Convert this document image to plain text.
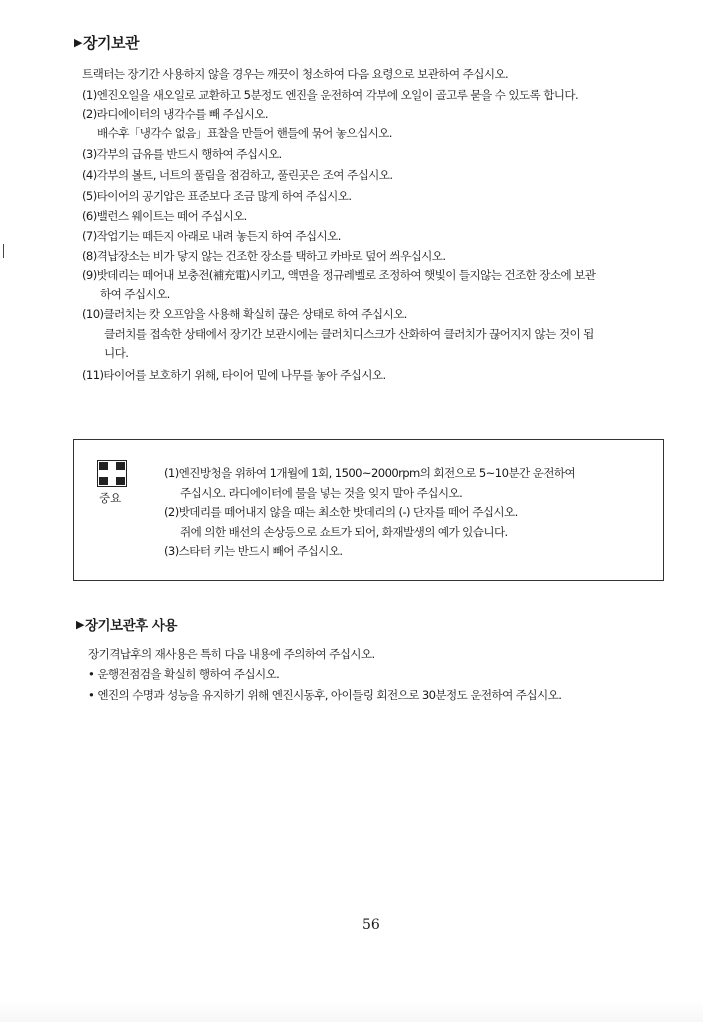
▶ 장기보관
트랙터는 장기간 사용하지 않을 경우는 깨끗이 청소하여 다음 요령으로 보관하여 주십시오.
(1)엔진오일을 새오일로 교환하고 5분정도 엔진을 운전하여 각부에 오일이 골고루 묻을 수 있도록 합니다.
(2)라디에이터의 냉각수를 빼 주십시오.
배수후「냉각수 없음」표찰을 만들어 핸들에 묶어 놓으십시오.
(3)각부의 급유를 반드시 행하여 주십시오.
(4)각부의 볼트, 너트의 풀림을 점검하고, 풀린곳은 조여 주십시오.
(5)타이어의 공기압은 표준보다 조금 많게 하여 주십시오.
(6)밸런스 웨이트는 떼어 주십시오.
(7)작업기는 떼든지 아래로 내려 놓든지 하여 주십시오.
(8)격납장소는 비가 닿지 않는 건조한 장소를 택하고 카바로 덮어 씌우십시오.
(9)밧데리는 떼어내 보충전(補充電)시키고, 액면을 정규레벨로 조정하여 햇빛이 들지않는 건조한 장소에 보관
하여 주십시오.
(10)클러치는 캇 오프암을 사용해 확실히 끊은 상태로 하여 주십시오.
클러치를 접속한 상태에서 장기간 보관시에는 클러치디스크가 산화하여 클러치가 끊어지지 않는 것이 됩
니다.
(11)타이어를 보호하기 위해, 타이어 밑에 나무를 놓아 주십시오.
중요
(1)엔진방청을 위하여 1개월에 1회, 1500~2000rpm의 회전으로 5~10분간 운전하여
주십시오. 라디에이터에 물을 넣는 것을 잊지 말아 주십시오.
(2)밧데리를 떼어내지 않을 때는 최소한 밧데리의 (-) 단자를 떼어 주십시오.
쥐에 의한 배선의 손상등으로 쇼트가 되어, 화재발생의 예가 있습니다.
(3)스타터 키는 반드시 빼어 주십시오.
▶ 장기보관후 사용
장기격납후의 재사용은 특히 다음 내용에 주의하여 주십시오.
• 운행전점검을 확실히 행하여 주십시오.
• 엔진의 수명과 성능을 유지하기 위해 엔진시동후, 아이들링 회전으로 30분정도 운전하여 주십시오.
56
